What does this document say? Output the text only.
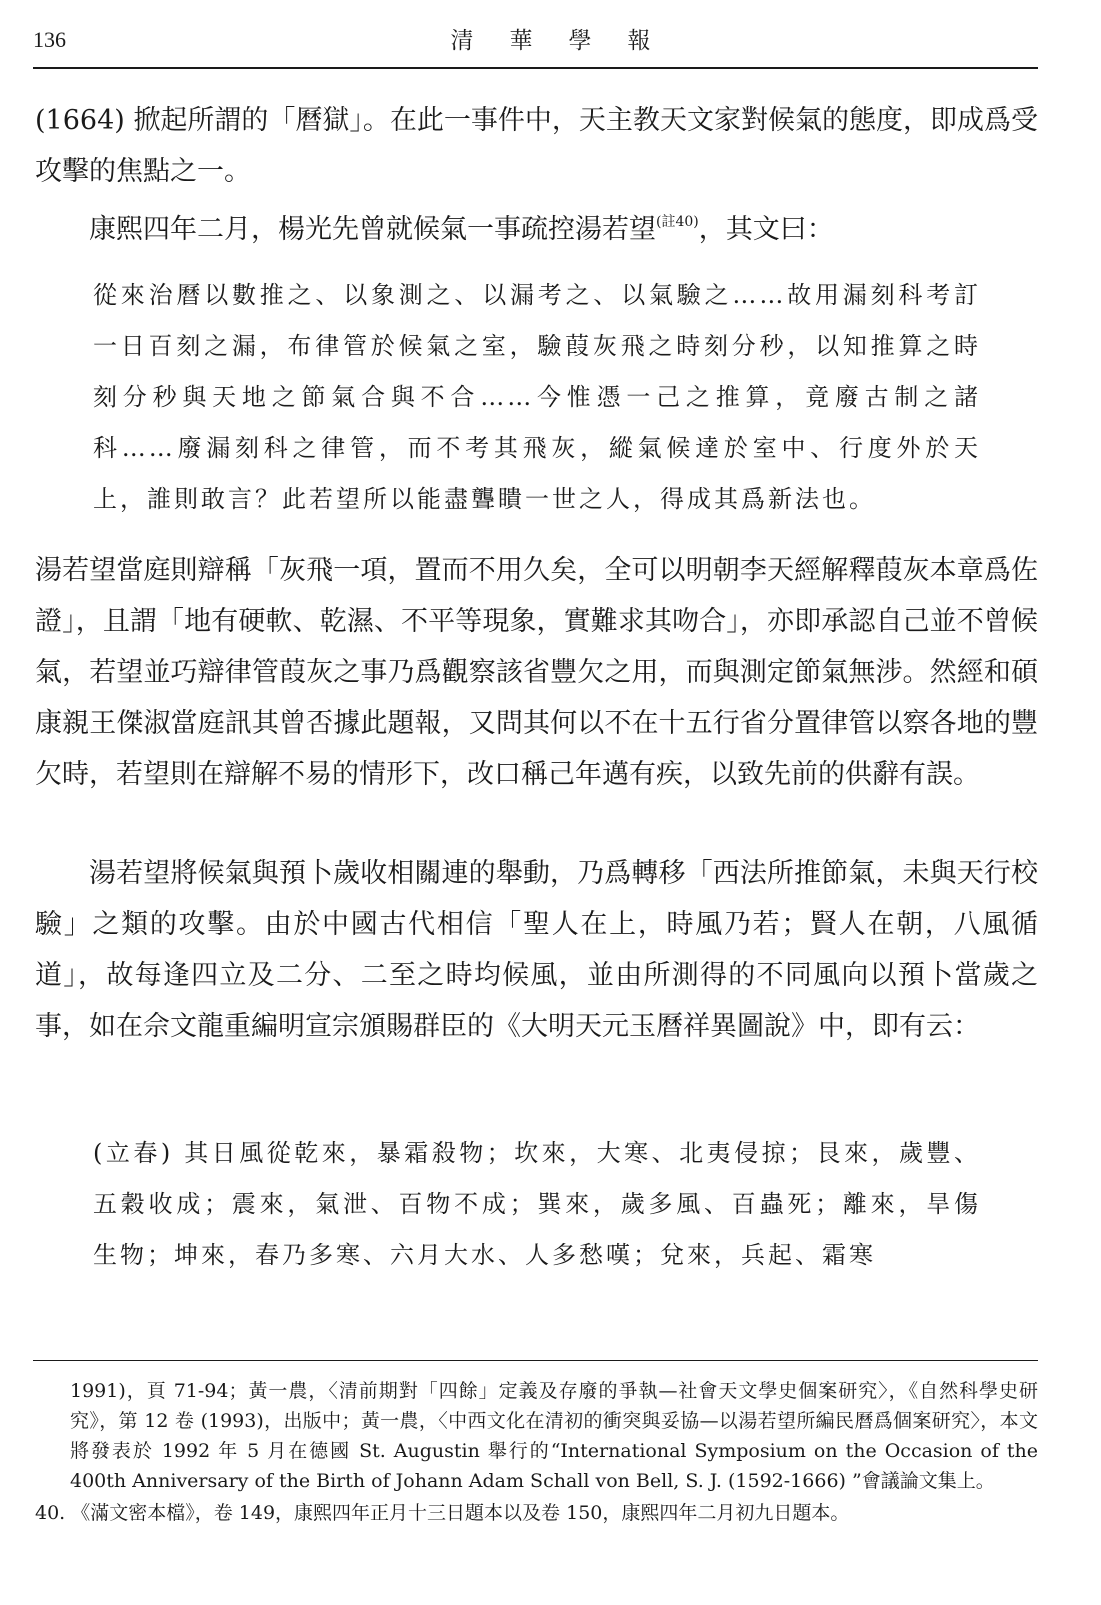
136	清華學報

(1664) 掀起所謂的「曆獄」。在此一事件中，天主教天文家對候氣的態度，即成爲受攻擊的焦點之一。

康熙四年二月，楊光先曾就候氣一事疏控湯若望$^{(註40)}$，其文曰：

從來治曆以數推之、以象測之、以漏考之、以氣驗之……故用漏刻科考訂一日百刻之漏，布律管於候氣之室，驗葭灰飛之時刻分秒，以知推算之時刻分秒與天地之節氣合與不合……今惟憑一己之推算，竟廢古制之諸科……廢漏刻科之律管，而不考其飛灰，縱氣候達於室中、行度外於天上，誰則敢言？此若望所以能盡聾瞶一世之人，得成其爲新法也。

湯若望當庭則辯稱「灰飛一項，置而不用久矣，全可以明朝李天經解釋葭灰本章爲佐證」，且謂「地有硬軟、乾濕、不平等現象，實難求其吻合」，亦即承認自己並不曾候氣，若望並巧辯律管葭灰之事乃爲觀察該省豐欠之用，而與測定節氣無涉。然經和碩康親王傑淑當庭訊其曾否據此題報，又問其何以不在十五行省分置律管以察各地的豐欠時，若望則在辯解不易的情形下，改口稱己年邁有疾，以致先前的供辭有誤。

湯若望將候氣與預卜歲收相關連的舉動，乃爲轉移「西法所推節氣，未與天行校驗」之類的攻擊。由於中國古代相信「聖人在上，時風乃若；賢人在朝，八風循道」，故每逢四立及二分、二至之時均候風，並由所測得的不同風向以預卜當歲之事，如在佘文龍重編明宣宗頒賜群臣的《大明天元玉曆祥異圖說》中，即有云：

(立春) 其日風從乾來，暴霜殺物；坎來，大寒、北夷侵掠；艮來，歲豐、五穀收成；震來，氣泄、百物不成；巽來，歲多風、百蟲死；離來，旱傷生物；坤來，春乃多寒、六月大水、人多愁嘆；兌來，兵起、霜寒

1991)，頁 71-94；黃一農，〈清前期對「四餘」定義及存廢的爭執—社會天文學史個案研究〉，《自然科學史研究》，第 12 卷 (1993)，出版中；黃一農，〈中西文化在清初的衝突與妥協—以湯若望所編民曆爲個案研究〉，本文將發表於 1992 年 5 月在德國 St. Augustin 舉行的“International Symposium on the Occasion of the 400th Anniversary of the Birth of Johann Adam Schall von Bell, S. J. (1592-1666) ”會議論文集上。
40. 《滿文密本檔》，卷 149，康熙四年正月十三日題本以及卷 150，康熙四年二月初九日題本。
